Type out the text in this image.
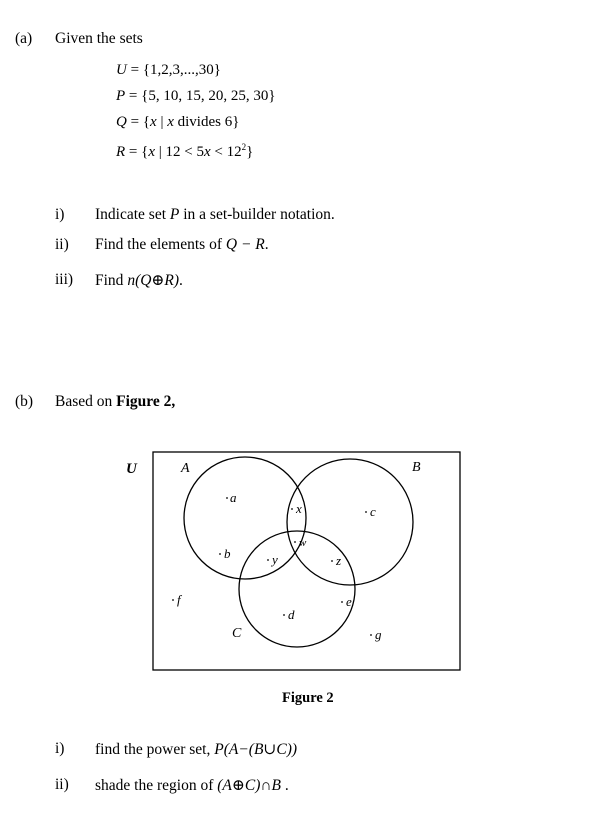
(a) Given the sets
U = {1,2,3,...,30}
P = {5, 10, 15, 20, 25, 30}
Q = {x | x divides 6}
R = {x | $12 < 5x < 12^2$}
i) Indicate set P in a set-builder notation.
ii) Find the elements of Q − R.
iii) Find n(Q⊕R).
(b) Based on Figure 2,
U	A	B
C
a
x	c
w
b	y	z
e
f
d
g
Figure 2
i) find the power set, P(A−(B∪C))
ii) shade the region of (A⊕C)∩B .
